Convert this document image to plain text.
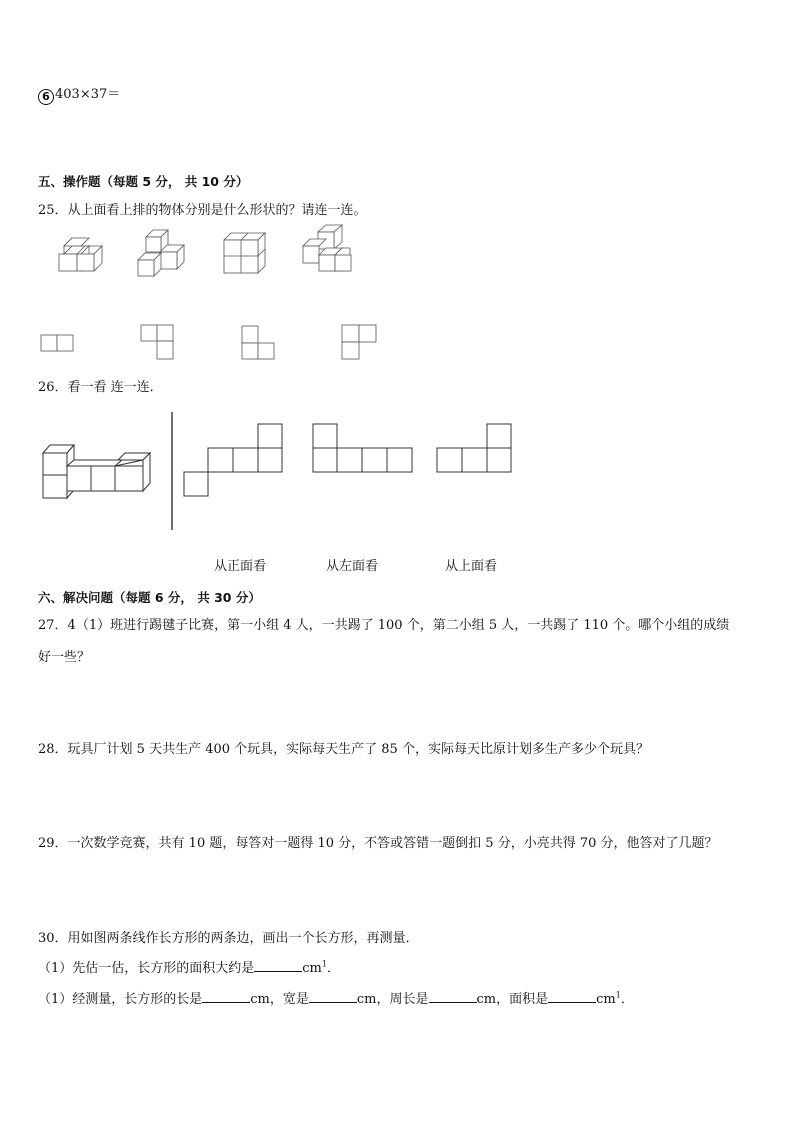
6 403×37＝
五、操作题（每题 5 分， 共 10 分）
25．从上面看上排的物体分别是什么形状的？请连一连。
26．看一看 连一连．
从正面看	从左面看	从上面看
六、解决问题（每题 6 分， 共 30 分）
27．4（1）班进行踢毽子比赛，第一小组 4 人，一共踢了 100 个，第二小组 5 人，一共踢了 110 个。哪个小组的成绩
好一些？
28．玩具厂计划 5 天共生产 400 个玩具，实际每天生产了 85 个，实际每天比原计划多生产多少个玩具？
29．一次数学竞赛，共有 10 题，每答对一题得 10 分，不答或答错一题倒扣 5 分，小亮共得 70 分，他答对了几题？
30．用如图两条线作长方形的两条边，画出一个长方形，再测量．
（1）先估一估，长方形的面积大约是	$cm^1$．
（1）经测量，长方形的长是	cm，宽是	cm，周长是	cm，面积是	$cm^1$．
